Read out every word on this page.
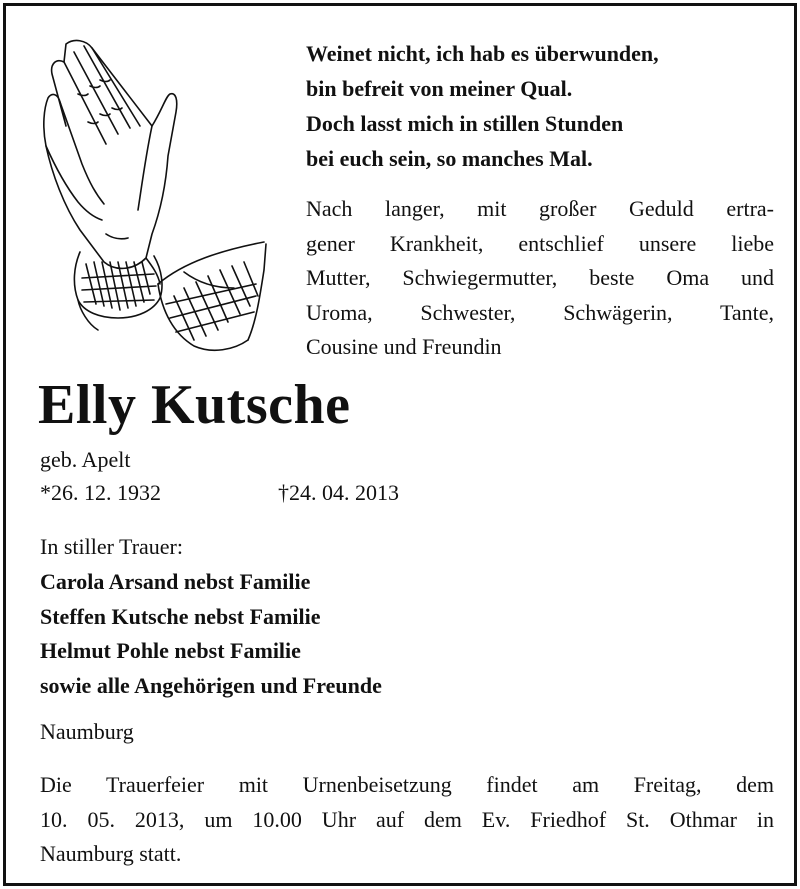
Weinet nicht, ich hab es überwunden,
bin befreit von meiner Qual.
Doch lasst mich in stillen Stunden
bei euch sein, so manches Mal.
Nach langer, mit großer Geduld ertra-
gener Krankheit, entschlief unsere liebe
Mutter, Schwiegermutter, beste Oma und
Uroma, Schwester, Schwägerin, Tante,
Cousine und Freundin
Elly Kutsche
geb. Apelt
*26. 12. 1932	†24. 04. 2013
In stiller Trauer:
Carola Arsand nebst Familie
Steffen Kutsche nebst Familie
Helmut Pohle nebst Familie
sowie alle Angehörigen und Freunde
Naumburg
Die Trauerfeier mit Urnenbeisetzung findet am Freitag, dem
10. 05. 2013, um 10.00 Uhr auf dem Ev. Friedhof St. Othmar in
Naumburg statt.
